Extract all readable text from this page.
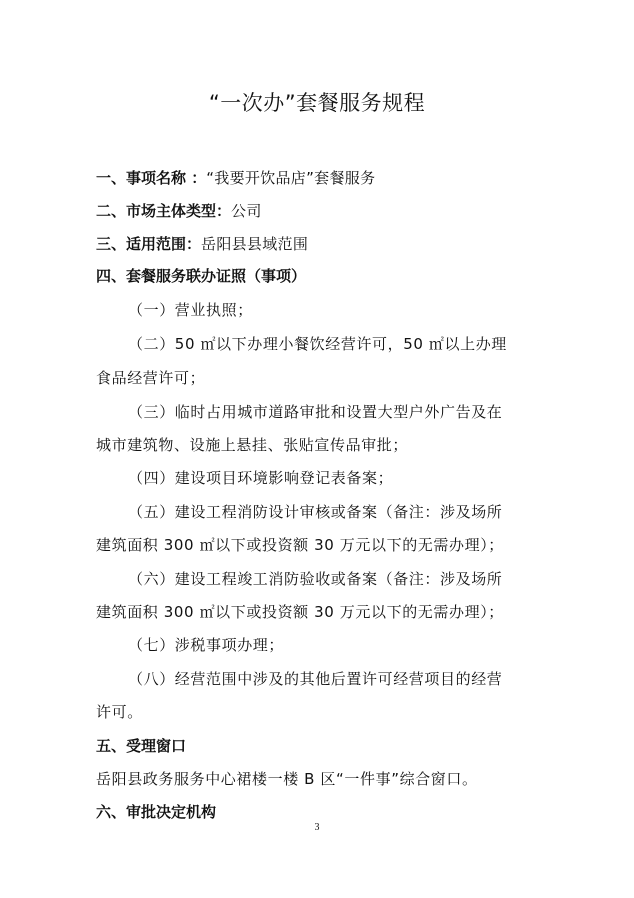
“一次办”套餐服务规程
一、事项名称 ：“我要开饮品店”套餐服务
二、市场主体类型：公司
三、适用范围：岳阳县县域范围
四、套餐服务联办证照（事项）
（一）营业执照；
（二）50 ㎡以下办理小餐饮经营许可，50 ㎡以上办理
食品经营许可；
（三）临时占用城市道路审批和设置大型户外广告及在
城市建筑物、设施上悬挂、张贴宣传品审批；
（四）建设项目环境影响登记表备案；
（五）建设工程消防设计审核或备案（备注：涉及场所
建筑面积 300 ㎡以下或投资额 30 万元以下的无需办理）；
（六）建设工程竣工消防验收或备案（备注：涉及场所
建筑面积 300 ㎡以下或投资额 30 万元以下的无需办理）；
（七）涉税事项办理；
（八）经营范围中涉及的其他后置许可经营项目的经营
许可。
五、受理窗口
岳阳县政务服务中心裙楼一楼 B 区“一件事”综合窗口。
六、审批决定机构
3
